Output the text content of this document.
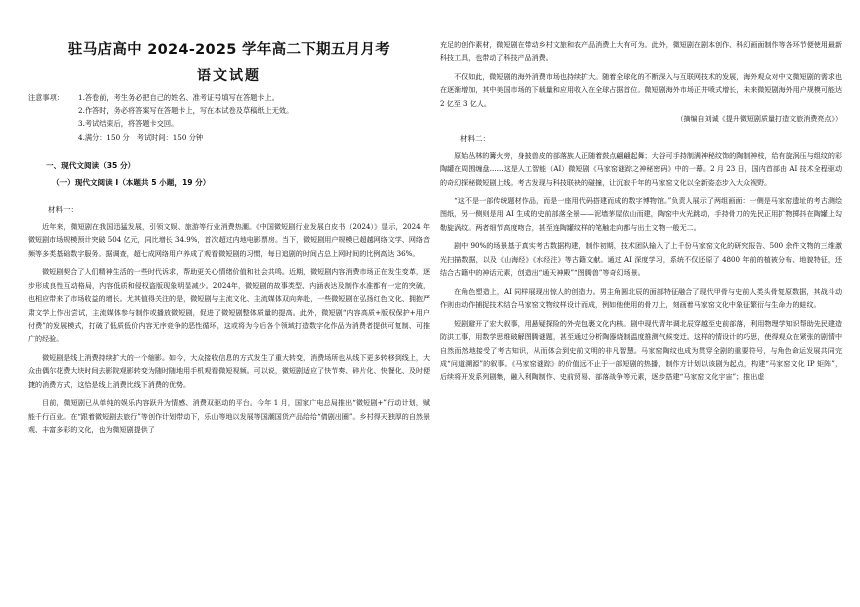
驻马店高中 2024-2025 学年高二下期五月月考
语文试题
注意事项：	1.答卷前，考生务必把自己的姓名、准考证号填写在答题卡上。
2.作答时，务必将答案写在答题卡上，写在本试卷及草稿纸上无效。
3.考试结束后，将答题卡交回。
4.满分：150 分　考试时间：150 分钟
一、现代文阅读（35 分）
（一）现代文阅读 I（本题共 5 小题，19 分）
材料一：

近年来，微短剧在我国迅猛发展，引领文娱、旅游等行业消费热潮。《中国微短剧行业发展白皮书（2024）》显示，2024 年微短剧市场规模预计突破 504 亿元，同比增长 34.9%，首次超过内地电影票房。当下，微短剧用户规模已超越网络文学、网络音频等多类基础数字服务。据调查，超七成网络用户养成了观看微短剧的习惯，每日追剧的时间占总上网时间的比例高达 36%。

微短剧契合了人们精神生活的一些时代诉求，帮助更关心情绪价值和社会共鸣。近期，微短剧内容消费市场正在发生变革，逐步形成良性互动格局，内容低质和侵权盗版现象明显减少。2024年，微短剧的故事类型、内涵表达及制作水准都有一定的突破，也相应带来了市场收益的增长。尤其值得关注的是，微短剧与主流文化、主流媒体双向奔赴，一些微短剧在弘扬红色文化、拥抱严肃文学上作出尝试，主流媒体参与制作或播放微短剧，促进了微短剧整体质量的提高。此外，微短剧“内容高质+版权保护+用户付费”的发展模式，打破了低质低价内容无序竞争的恶性循环，这或将为今后各个领域打造数字化作品为消费者提供可复制、可推广的经验。

微短剧是线上消费持续扩大的一个缩影。如今，大众接收信息的方式发生了重大转变，消费场所也从线下更多转移到线上，大众由偶尔花费大块时间去影院观影转变为随时随地用手机观看微短视频。可以说，微短剧适应了快节奏、碎片化、快餐化、及时便捷的消费方式，这恰是线上消费比线下消费的优势。

目前，微短剧已从单纯的娱乐内容跃升为情感、消费双驱动的平台。今年 1 月，国家广电总局推出“微短剧+”行动计划，赋能千行百业。在“跟着微短剧去旅行”等创作计划带动下，乐山等地以发展等国潮国货产品给给“倩剧出圈”。乡村得天独厚的自然景观、丰富多彩的文化，也为微短剧提供了

充足的创作素材，微短剧在带动乡村文旅和农产品消费上大有可为。此外，微短剧在剧本创作、科幻画面制作等各环节便使用最新科技工具，也带动了科技产品消费。

不仅如此，微短剧的海外消费市场也持续扩大。随着全球化的不断深入与互联网技术的发展，海外观众对中文微短剧的需求也在逐渐增加，其中美国市场的下载量和应用收入在全球占据首位。微短剧海外市场正井喷式增长，未来微短剧海外用户规模可能达 2 亿至 3 亿人。

（摘编自刘诚《提升微短剧质量打造文旅消费亮点》）
材料二：

原始丛林的篝火旁，身披兽皮的部落族人正随着鼓点翩翩起舞；大谷可手持制满神秘纹饰的陶制神枝，给有旋涡压与组纹的彩陶罐在周围缠盘……这是人工智能（AI）微短剧《马家窑谜踪之神秘密码》中的一幕。2 月 23 日，国内首部由 AI 技术全程驱动的奇幻探秘微短剧上线。考古发现与科技联袂的碰撞，让沉寂千年的马家窑文化以全新姿态步入大众视野。

“这不是一部传统题材作品，而是一座用代码搭建而成的数字博物馆。”负责人展示了两组画面：一侧是马家窑遗址的考古测绘图纸，另一侧则是用 AI 生成的史前部落全景——泥墙茅屋依山而建，陶窑中火光跳动，手持骨刀的先民正用扩物掷抖在陶罐上勾勒旋涡纹。两者细节高度吻合，甚至连陶罐纹样的笔触走向都与出土文物一般无二。

剧中 90%的场景基于真实考古数据构建，制作初期，技术团队输入了上千份马家窑文化的研究报告、500 余件文物的三维激光扫描数据，以及《山海经》《水经注》等古籍文献。通过 AI 深度学习，系统不仅还原了 4800 年前的植被分布、地貌特征，还结合古籍中的神话元素，创造出“通天神殿”“图腾兽”等奇幻场景。

在角色塑造上，AI 同样展现出惊人的创造力。男主角圆北辰的面部特征融合了现代甲骨与史前人类头骨复原数据，其战斗动作则由动作捕捉技术结合马家窑文物纹样设计而成，例如他使用的骨刀上，刻画着马家窑文化中象征繁衍与生命力的蛙纹。

短剧避开了宏大叙事，用悬疑探险的外壳包裹文化内核。剧中现代青年调北辰穿越至史前部落，利用物理学知识帮助先民建造防洪工事，用数学思维破解图腾谜题，甚至通过分析陶器烧制温度推测气候变迁。这样的情设计的巧思，使得观众在紧张的剧情中自然而然地接受了考古知识，从而体会到史前文明的非凡智慧。马家窑陶纹也成为贯穿全剧的重要符号，与角色命运发展共同完成“问道溯源”的叙事。《马家窑谜踪》的价值远不止于一部短剧的热播，制作方计划以该剧为起点，构建“马家窑文化 IP 矩阵”，后续将开发系列剧集，融入利陶制作、史前贸易、部落战争等元素，逐步搭建“马家窑文化宇宙”；推出虚
